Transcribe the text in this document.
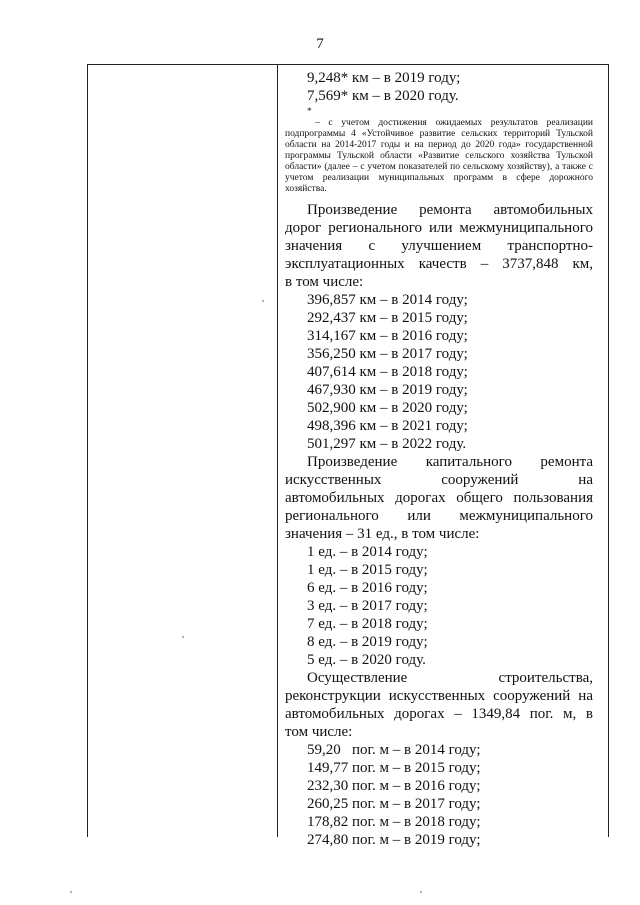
7
9,248* км – в 2019 году;
7,569* км – в 2020 году.
*
– с учетом достижения ожидаемых результатов реализации подпрограммы 4 «Устойчивое развитие сельских территорий Тульской области на 2014-2017 годы и на период до 2020 года» государственной программы Тульской области «Развитие сельского хозяйства Тульской области» (далее – с учетом показателей по сельскому хозяйству), а также с учетом реализации муниципальных программ в сфере дорожного хозяйства.
Произведение ремонта автомобильных
дорог регионального или межмуниципального
значения с улучшением транспортно-
эксплуатационных качеств – 3737,848 км,
в том числе:
396,857 км – в 2014 году;
292,437 км – в 2015 году;
314,167 км – в 2016 году;
356,250 км – в 2017 году;
407,614 км – в 2018 году;
467,930 км – в 2019 году;
502,900 км – в 2020 году;
498,396 км – в 2021 году;
501,297 км – в 2022 году.
Произведение капитального ремонта
искусственных сооружений на
автомобильных дорогах общего пользования
регионального или межмуниципального
значения – 31 ед., в том числе:
1 ед. – в 2014 году;
1 ед. – в 2015 году;
6 ед. – в 2016 году;
3 ед. – в 2017 году;
7 ед. – в 2018 году;
8 ед. – в 2019 году;
5 ед. – в 2020 году.
Осуществление строительства,
реконструкции искусственных сооружений на
автомобильных дорогах – 1349,84 пог. м, в
том числе:
59,20   пог. м – в 2014 году;
149,77 пог. м – в 2015 году;
232,30 пог. м – в 2016 году;
260,25 пог. м – в 2017 году;
178,82 пог. м – в 2018 году;
274,80 пог. м – в 2019 году;
